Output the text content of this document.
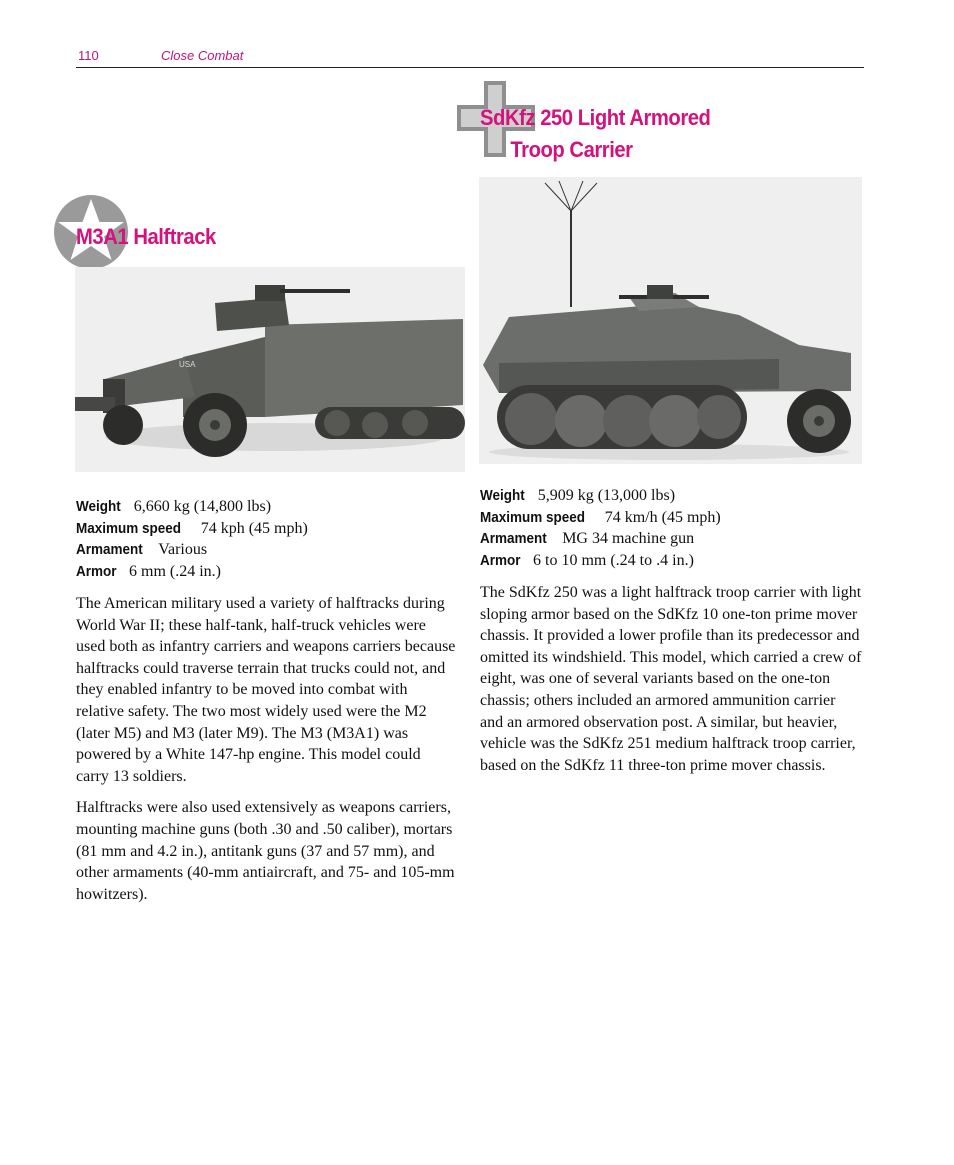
110	Close Combat
M3A1 Halftrack
SdKfz 250 Light Armored
Troop Carrier
USA
Weight 6,660 kg (14,800 lbs)
Maximum speed 74 kph (45 mph)
Armament Various
Armor 6 mm (.24 in.)
Weight 5,909 kg (13,000 lbs)
Maximum speed 74 km/h (45 mph)
Armament MG 34 machine gun
Armor 6 to 10 mm (.24 to .4 in.)

The American military used a variety of halftracks during World War II; these half-tank, half-truck vehicles were used both as infantry carriers and weapons carriers because halftracks could traverse terrain that trucks could not, and they enabled infantry to be moved into combat with relative safety. The two most widely used were the M2 (later M5) and M3 (later M9). The M3 (M3A1) was powered by a White 147-hp engine. This model could carry 13 soldiers.

Halftracks were also used extensively as weapons carriers, mounting machine guns (both .30 and .50 caliber), mortars (81 mm and 4.2 in.), antitank guns (37 and 57 mm), and other armaments (40-mm antiaircraft, and 75- and 105-mm howitzers).

The SdKfz 250 was a light halftrack troop carrier with light sloping armor based on the SdKfz 10 one-ton prime mover chassis. It provided a lower profile than its predecessor and omitted its windshield. This model, which carried a crew of eight, was one of several variants based on the one-ton chassis; others included an armored ammunition carrier and an armored observation post. A similar, but heavier, vehicle was the SdKfz 251 medium halftrack troop carrier, based on the SdKfz 11 three-ton prime mover chassis.
